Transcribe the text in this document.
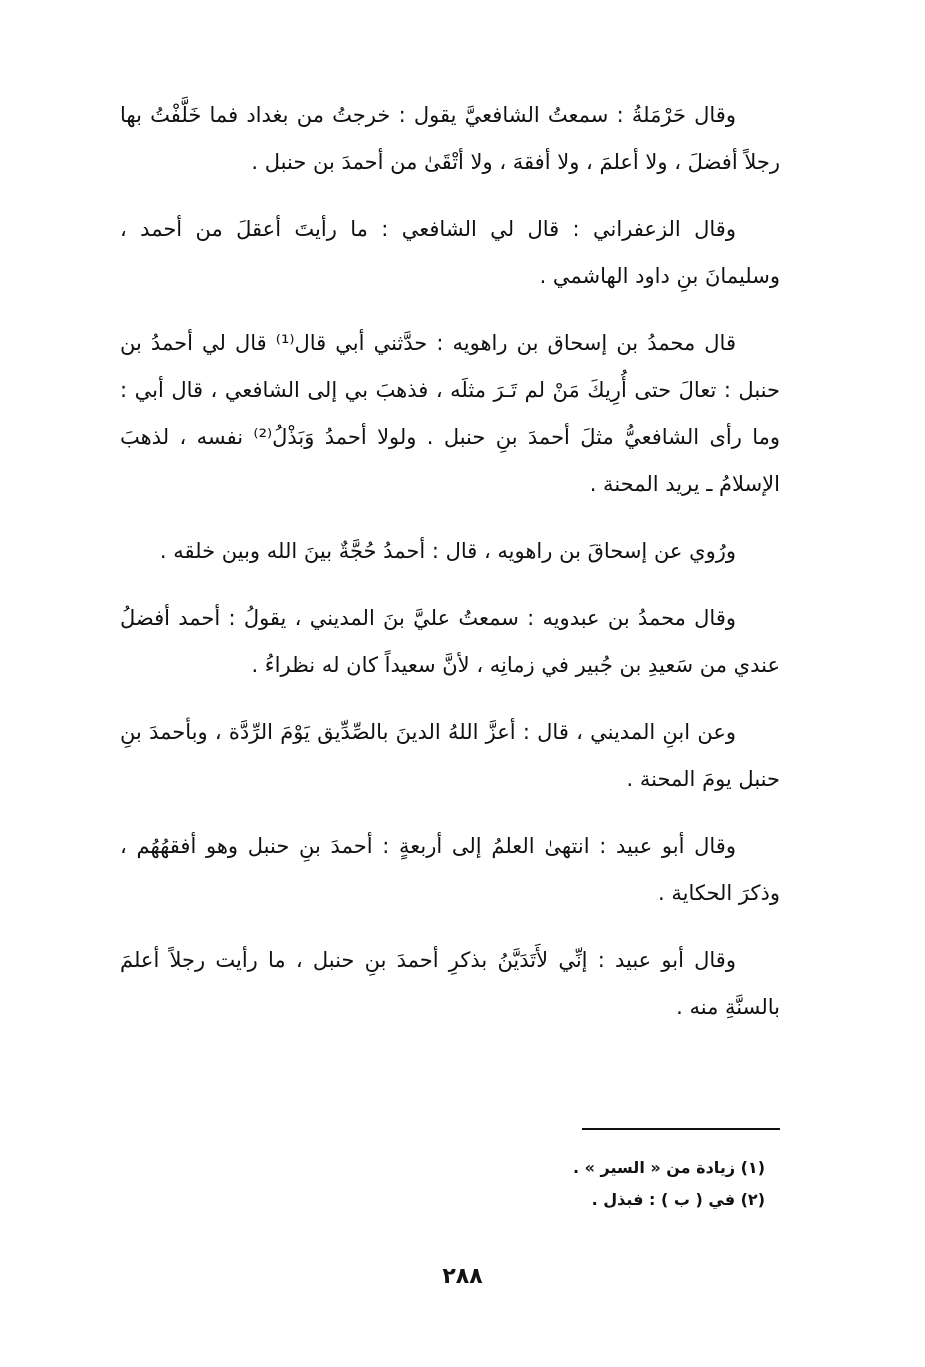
وقال حَرْمَلةُ : سمعتُ الشافعيَّ يقول : خرجتُ من بغداد فما خَلَّفْتُ بها رجلاً أفضلَ ، ولا أعلمَ ، ولا أفقهَ ، ولا أتْقَىٰ من أحمدَ بن حنبل .

وقال الزعفراني : قال لي الشافعي : ما رأيتَ أعقلَ من أحمد ، وسليمانَ بنِ داود الهاشمي .

قال محمدُ بن إسحاق بن راهويه : حدَّثني أبي قال⁽¹⁾ قال لي أحمدُ بن حنبل : تعالَ حتى أُرِيكَ مَنْ لم تَـرَ مثلَه ، فذهبَ بي إلى الشافعي ، قال أبي : وما رأى الشافعيُّ مثلَ أحمدَ بنِ حنبل . ولولا أحمدُ وَبَذْلُ⁽²⁾ نفسه ، لذهبَ الإسلامُ ـ يريد المحنة .

ورُوي عن إسحاقَ بن راهويه ، قال : أحمدُ حُجَّةٌ بينَ الله وبين خلقه .

وقال محمدُ بن عبدويه : سمعتُ عليَّ بنَ المديني ، يقولُ : أحمد أفضلُ عندي من سَعيدِ بن جُبير في زمانِه ، لأنَّ سعيداً كان له نظراءُ .

وعن ابنِ المديني ، قال : أعزَّ اللهُ الدينَ بالصِّدِّيق يَوْمَ الرِّدَّة ، وبأحمدَ بنِ حنبل يومَ المحنة .

وقال أبو عبيد : انتهىٰ العلمُ إلى أربعةٍ : أحمدَ بنِ حنبل وهو أفقهُهُم ، وذكرَ الحكاية .

وقال أبو عبيد : إنِّي لأَتَدَيَّنُ بذكرِ أحمدَ بنِ حنبل ، ما رأيت رجلاً أعلمَ بالسنَّةِ منه .

(١) زيادة من « السير » .

(٢) في ( ب ) : فبذل .

٢٨٨
